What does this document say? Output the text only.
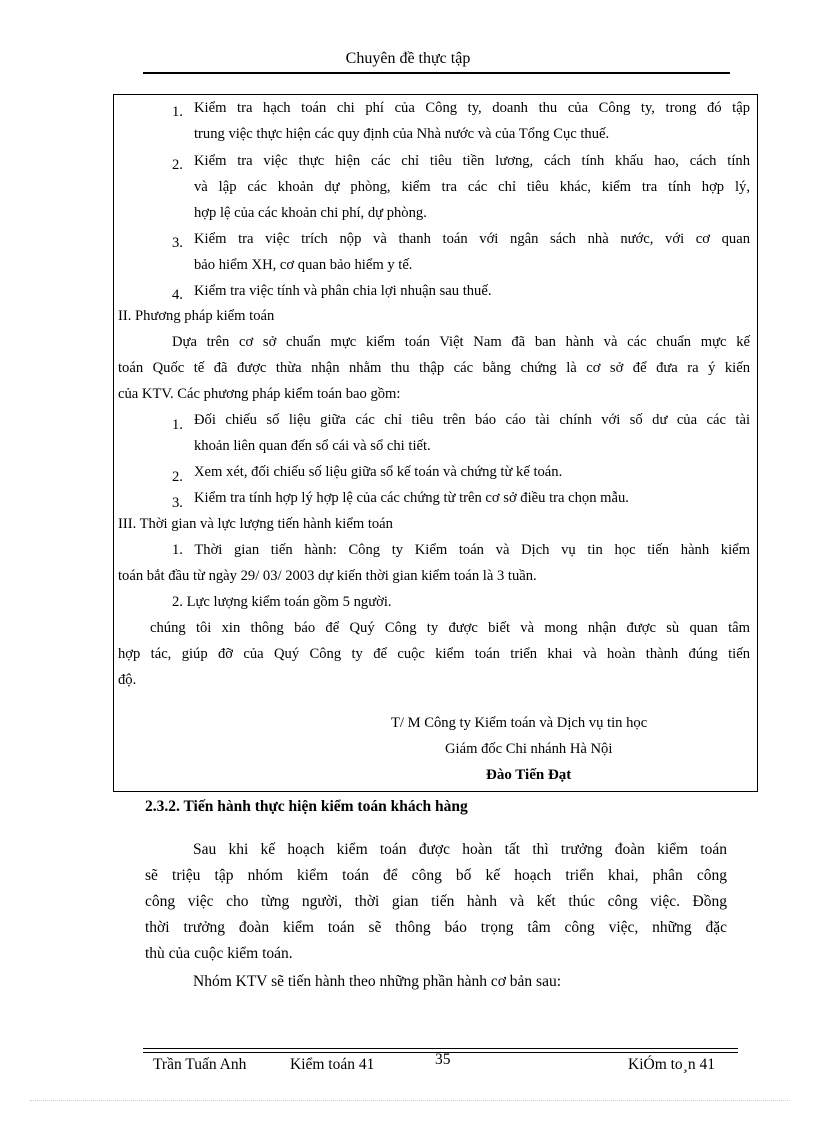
Chuyên đề thực tập
1. Kiểm tra hạch toán chi phí của Công ty, doanh thu của Công ty, trong đó tập
trung việc thực hiện các quy định của Nhà nước và của Tổng Cục thuế.
2. Kiểm tra việc thực hiện các chỉ tiêu tiền lương, cách tính khấu hao, cách tính
và lập các khoản dự phòng, kiểm tra các chỉ tiêu khác, kiểm tra tính hợp lý,
hợp lệ của các khoản chi phí, dự phòng.
3. Kiểm tra việc trích nộp và thanh toán với ngân sách nhà nước, với cơ quan
bảo hiểm XH, cơ quan bảo hiểm y tế.
4. Kiểm tra việc tính và phân chia lợi nhuận sau thuế.
II. Phương pháp kiểm toán
Dựa trên cơ sở chuẩn mực kiểm toán Việt Nam đã ban hành và các chuẩn mực kế
toán Quốc tế đã được thừa nhận nhằm thu thập các bằng chứng là cơ sở để đưa ra ý kiến
của KTV. Các phương pháp kiểm toán bao gồm:
1. Đối chiếu số liệu giữa các chỉ tiêu trên báo cáo tài chính với số dư của các tài
khoản liên quan đến sổ cái và sổ chi tiết.
2. Xem xét, đối chiếu số liệu giữa sổ kế toán và chứng từ kế toán.
3. Kiểm tra tính hợp lý hợp lệ của các chứng từ trên cơ sở điều tra chọn mẫu.
III. Thời gian và lực lượng tiến hành kiểm toán
1. Thời gian tiến hành: Công ty Kiểm toán và Dịch vụ tin học tiến hành kiểm
toán bắt đầu từ ngày 29/ 03/ 2003 dự kiến thời gian kiểm toán là 3 tuần.
2. Lực lượng kiểm toán gồm 5 người.
chúng tôi xin thông báo để Quý Công ty được biết và mong nhận được sù quan tâm
hợp tác, giúp đỡ của Quý Công ty để cuộc kiểm toán triển khai và hoàn thành đúng tiến
độ.
T/ M Công ty Kiểm toán và Dịch vụ tin học
Giám đốc Chi nhánh Hà Nội
Đào Tiến Đạt
2.3.2. Tiến hành thực hiện kiểm toán khách hàng
Sau khi kế hoạch kiểm toán được hoàn tất thì trưởng đoàn kiểm toán
sẽ triệu tập nhóm kiểm toán để công bố kế hoạch triển khai, phân công
công việc cho từng người, thời gian tiến hành và kết thúc công việc. Đồng
thời trưởng đoàn kiểm toán sẽ thông báo trọng tâm công việc, những đặc
thù của cuộc kiểm toán.
Nhóm KTV sẽ tiến hành theo những phần hành cơ bản sau:
Trần Tuấn Anh	Kiểm toán 41	35	KiÓm to¸n 41
